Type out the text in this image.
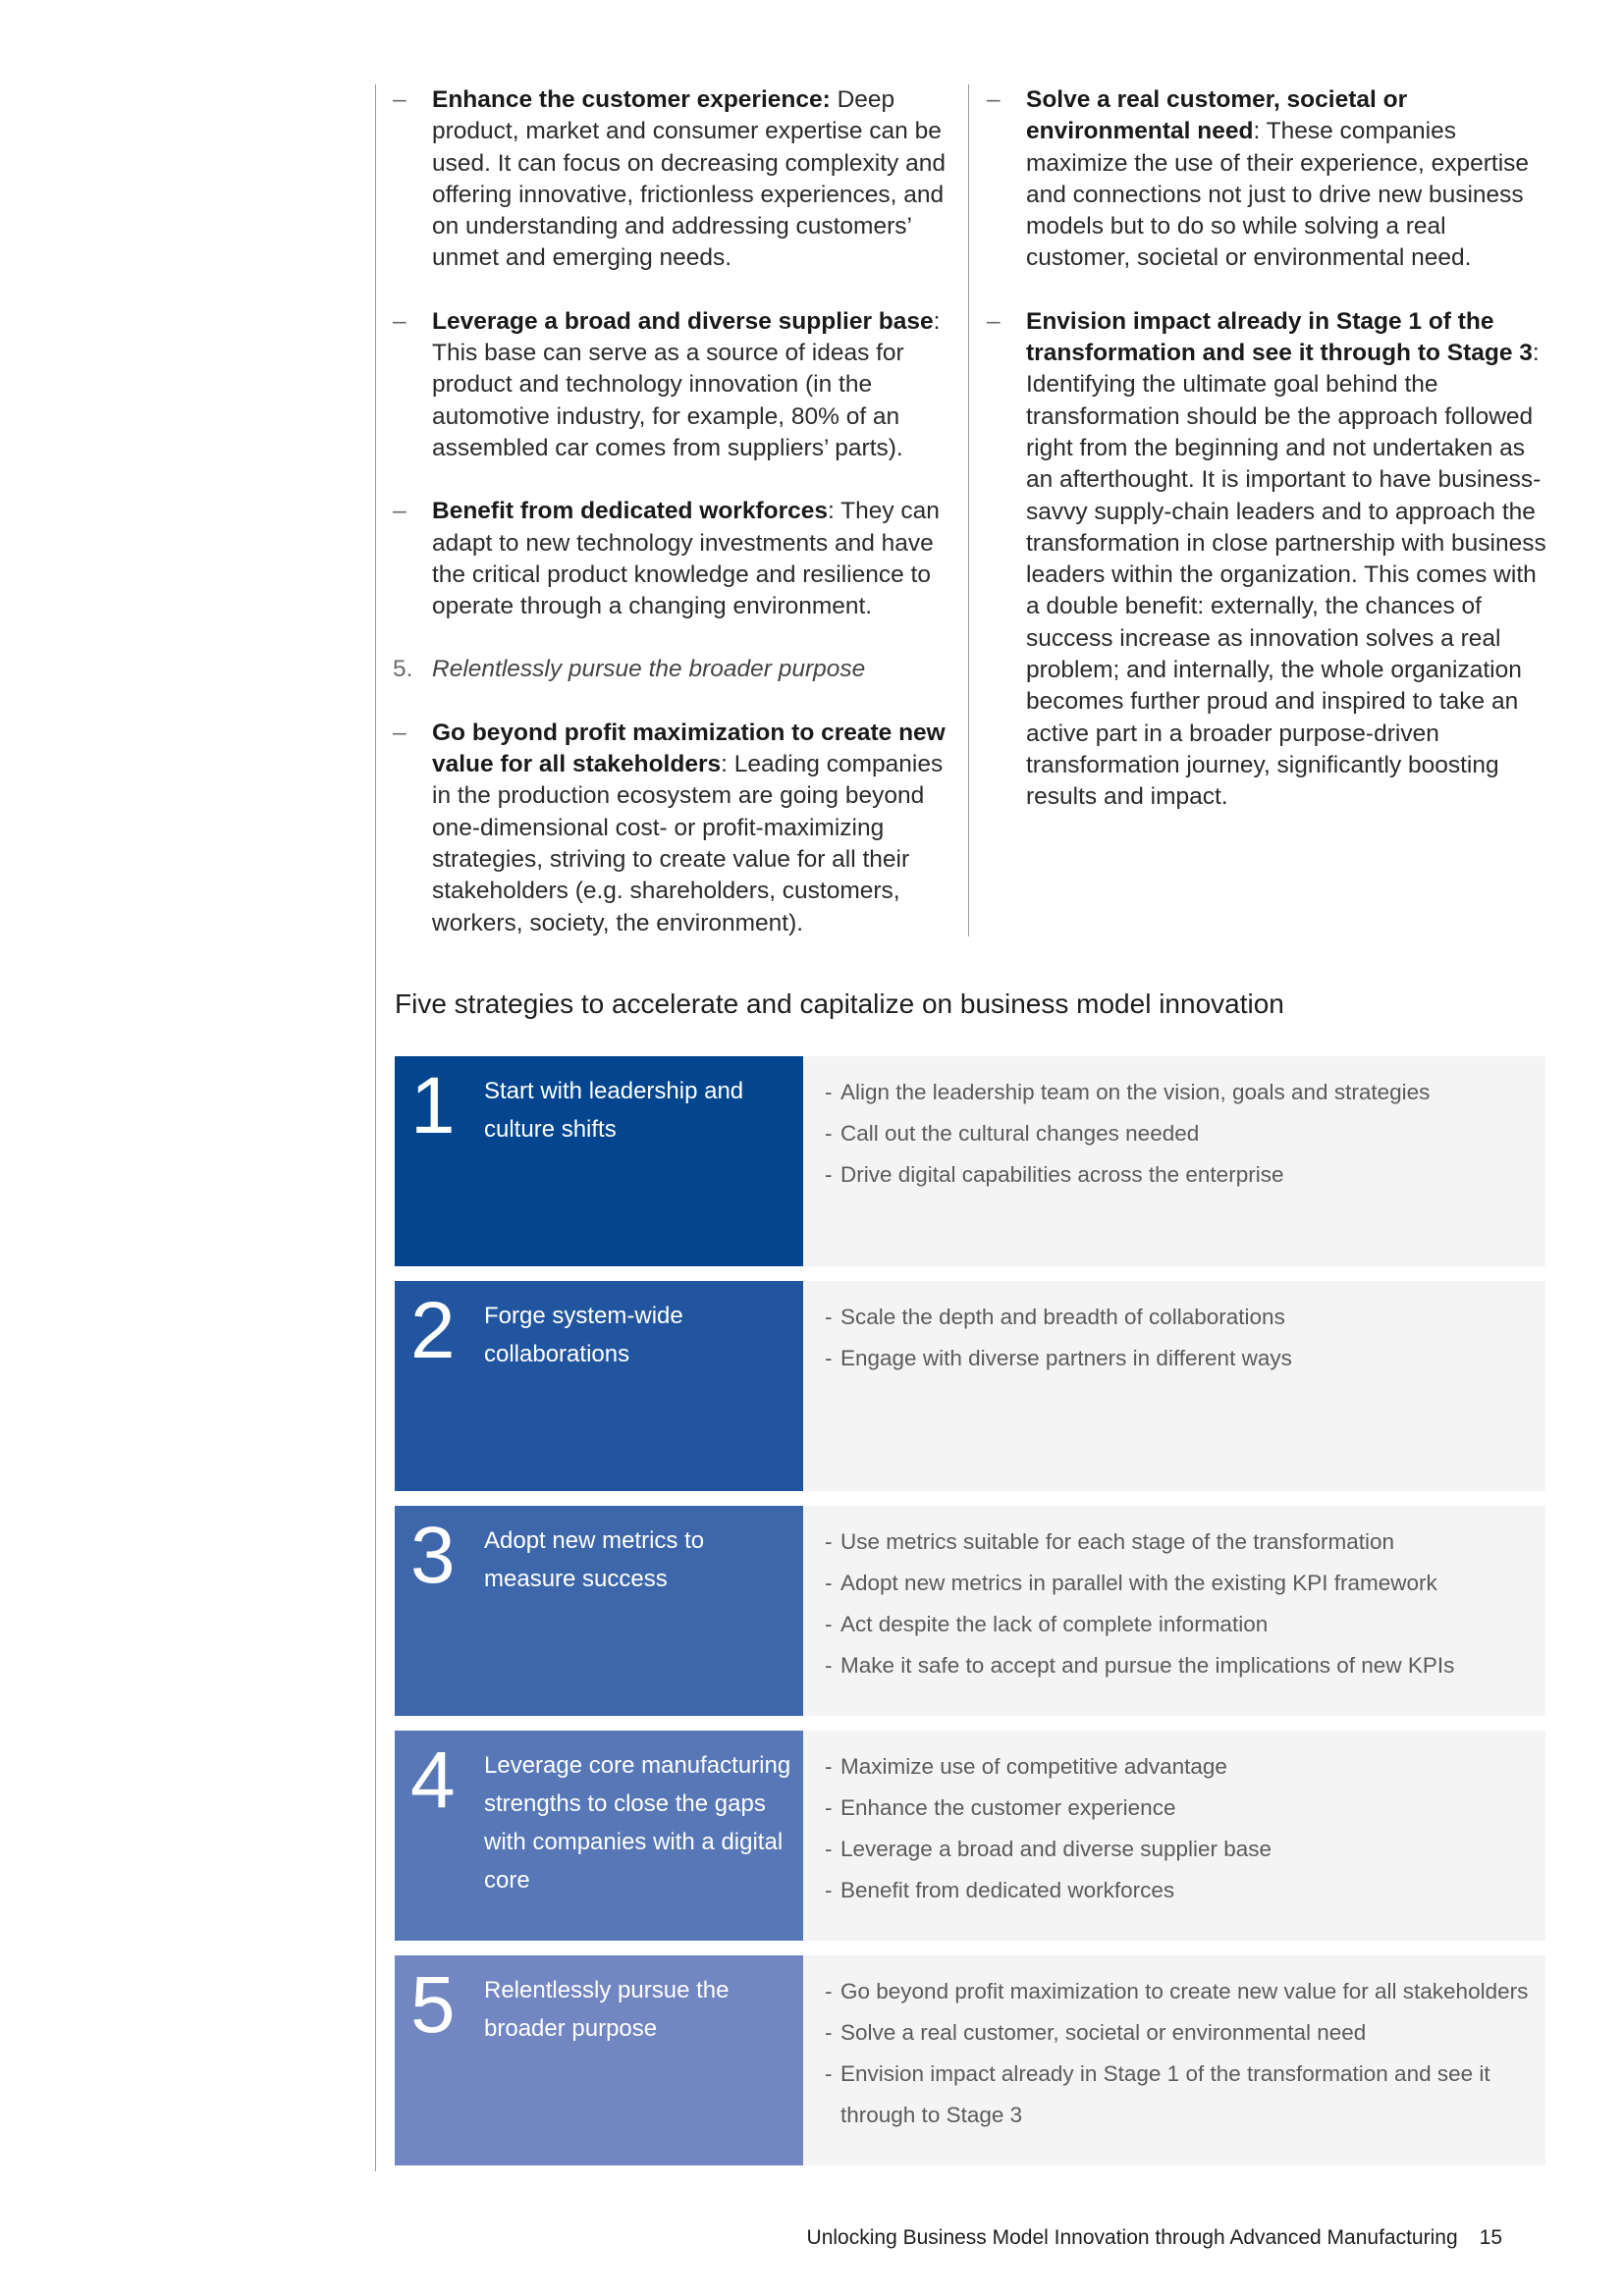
– Enhance the customer experience: Deep product, market and consumer expertise can be used. It can focus on decreasing complexity and offering innovative, frictionless experiences, and on understanding and addressing customers’ unmet and emerging needs.
– Leverage a broad and diverse supplier base: This base can serve as a source of ideas for product and technology innovation (in the automotive industry, for example, 80% of an assembled car comes from suppliers’ parts).
– Benefit from dedicated workforces: They can adapt to new technology investments and have the critical product knowledge and resilience to operate through a changing environment.
5. Relentlessly pursue the broader purpose
– Go beyond profit maximization to create new value for all stakeholders: Leading companies in the production ecosystem are going beyond one-dimensional cost- or profit-maximizing strategies, striving to create value for all their stakeholders (e.g. shareholders, customers, workers, society, the environment).
– Solve a real customer, societal or environmental need: These companies maximize the use of their experience, expertise and connections not just to drive new business models but to do so while solving a real customer, societal or environmental need.
– Envision impact already in Stage 1 of the transformation and see it through to Stage 3: Identifying the ultimate goal behind the transformation should be the approach followed right from the beginning and not undertaken as an afterthought. It is important to have business-savvy supply-chain leaders and to approach the transformation in close partnership with business leaders within the organization. This comes with a double benefit: externally, the chances of success increase as innovation solves a real problem; and internally, the whole organization becomes further proud and inspired to take an active part in a broader purpose-driven transformation journey, significantly boosting results and impact.
Five strategies to accelerate and capitalize on business model innovation
1 Start with leadership and culture shifts
- Align the leadership team on the vision, goals and strategies
- Call out the cultural changes needed
- Drive digital capabilities across the enterprise
2 Forge system-wide collaborations
- Scale the depth and breadth of collaborations
- Engage with diverse partners in different ways
3 Adopt new metrics to measure success
- Use metrics suitable for each stage of the transformation
- Adopt new metrics in parallel with the existing KPI framework
- Act despite the lack of complete information
- Make it safe to accept and pursue the implications of new KPIs
4 Leverage core manufacturing strengths to close the gaps with companies with a digital core
- Maximize use of competitive advantage
- Enhance the customer experience
- Leverage a broad and diverse supplier base
- Benefit from dedicated workforces
5 Relentlessly pursue the broader purpose
- Go beyond profit maximization to create new value for all stakeholders
- Solve a real customer, societal or environmental need
- Envision impact already in Stage 1 of the transformation and see it through to Stage 3
Unlocking Business Model Innovation through Advanced Manufacturing 15
